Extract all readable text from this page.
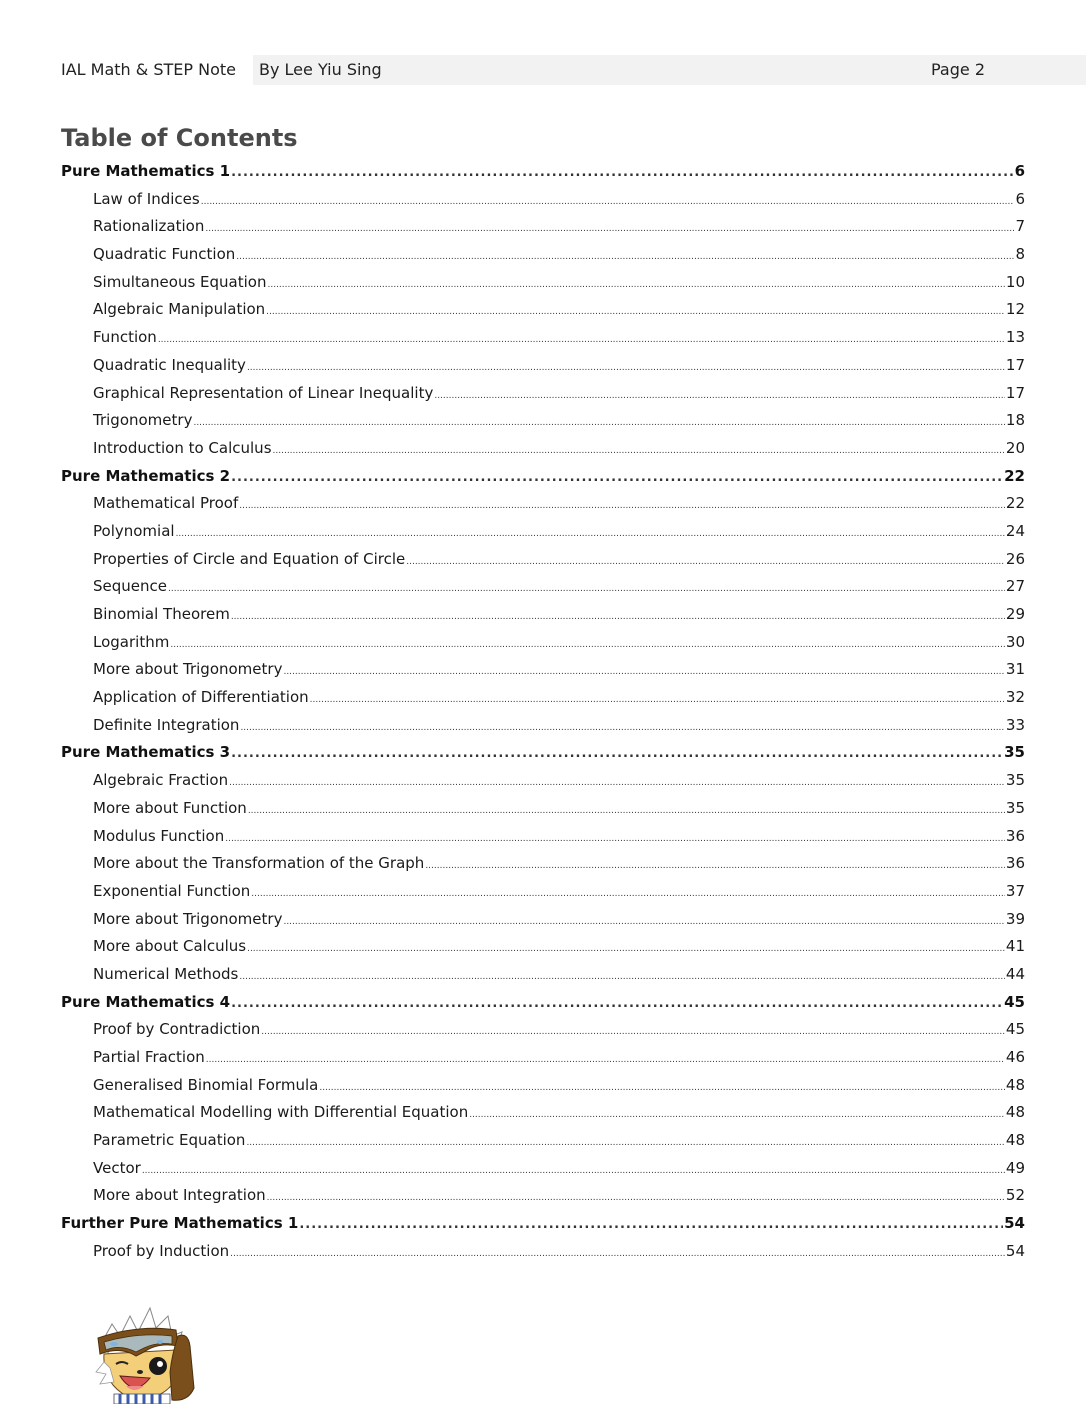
IAL Math & STEP Note By Lee Yiu Sing	Page 2
Table of Contents
Pure Mathematics 1 .....	6
Law of Indices .....	6
Rationalization .....	7
Quadratic Function .....	8
Simultaneous Equation .....	10
Algebraic Manipulation .....	12
Function .....	13
Quadratic Inequality .....	17
Graphical Representation of Linear Inequality .....	17
Trigonometry .....	18
Introduction to Calculus .....	20
Pure Mathematics 2 .....	22
Mathematical Proof .....	22
Polynomial .....	24
Properties of Circle and Equation of Circle .....	26
Sequence .....	27
Binomial Theorem .....	29
Logarithm .....	30
More about Trigonometry .....	31
Application of Differentiation .....	32
Definite Integration .....	33
Pure Mathematics 3 .....	35
Algebraic Fraction .....	35
More about Function .....	35
Modulus Function .....	36
More about the Transformation of the Graph .....	36
Exponential Function .....	37
More about Trigonometry .....	39
More about Calculus .....	41
Numerical Methods .....	44
Pure Mathematics 4 .....	45
Proof by Contradiction .....	45
Partial Fraction .....	46
Generalised Binomial Formula .....	48
Mathematical Modelling with Differential Equation .....	48
Parametric Equation .....	48
Vector .....	49
More about Integration .....	52
Further Pure Mathematics 1 .....	54
Proof by Induction .....	54
